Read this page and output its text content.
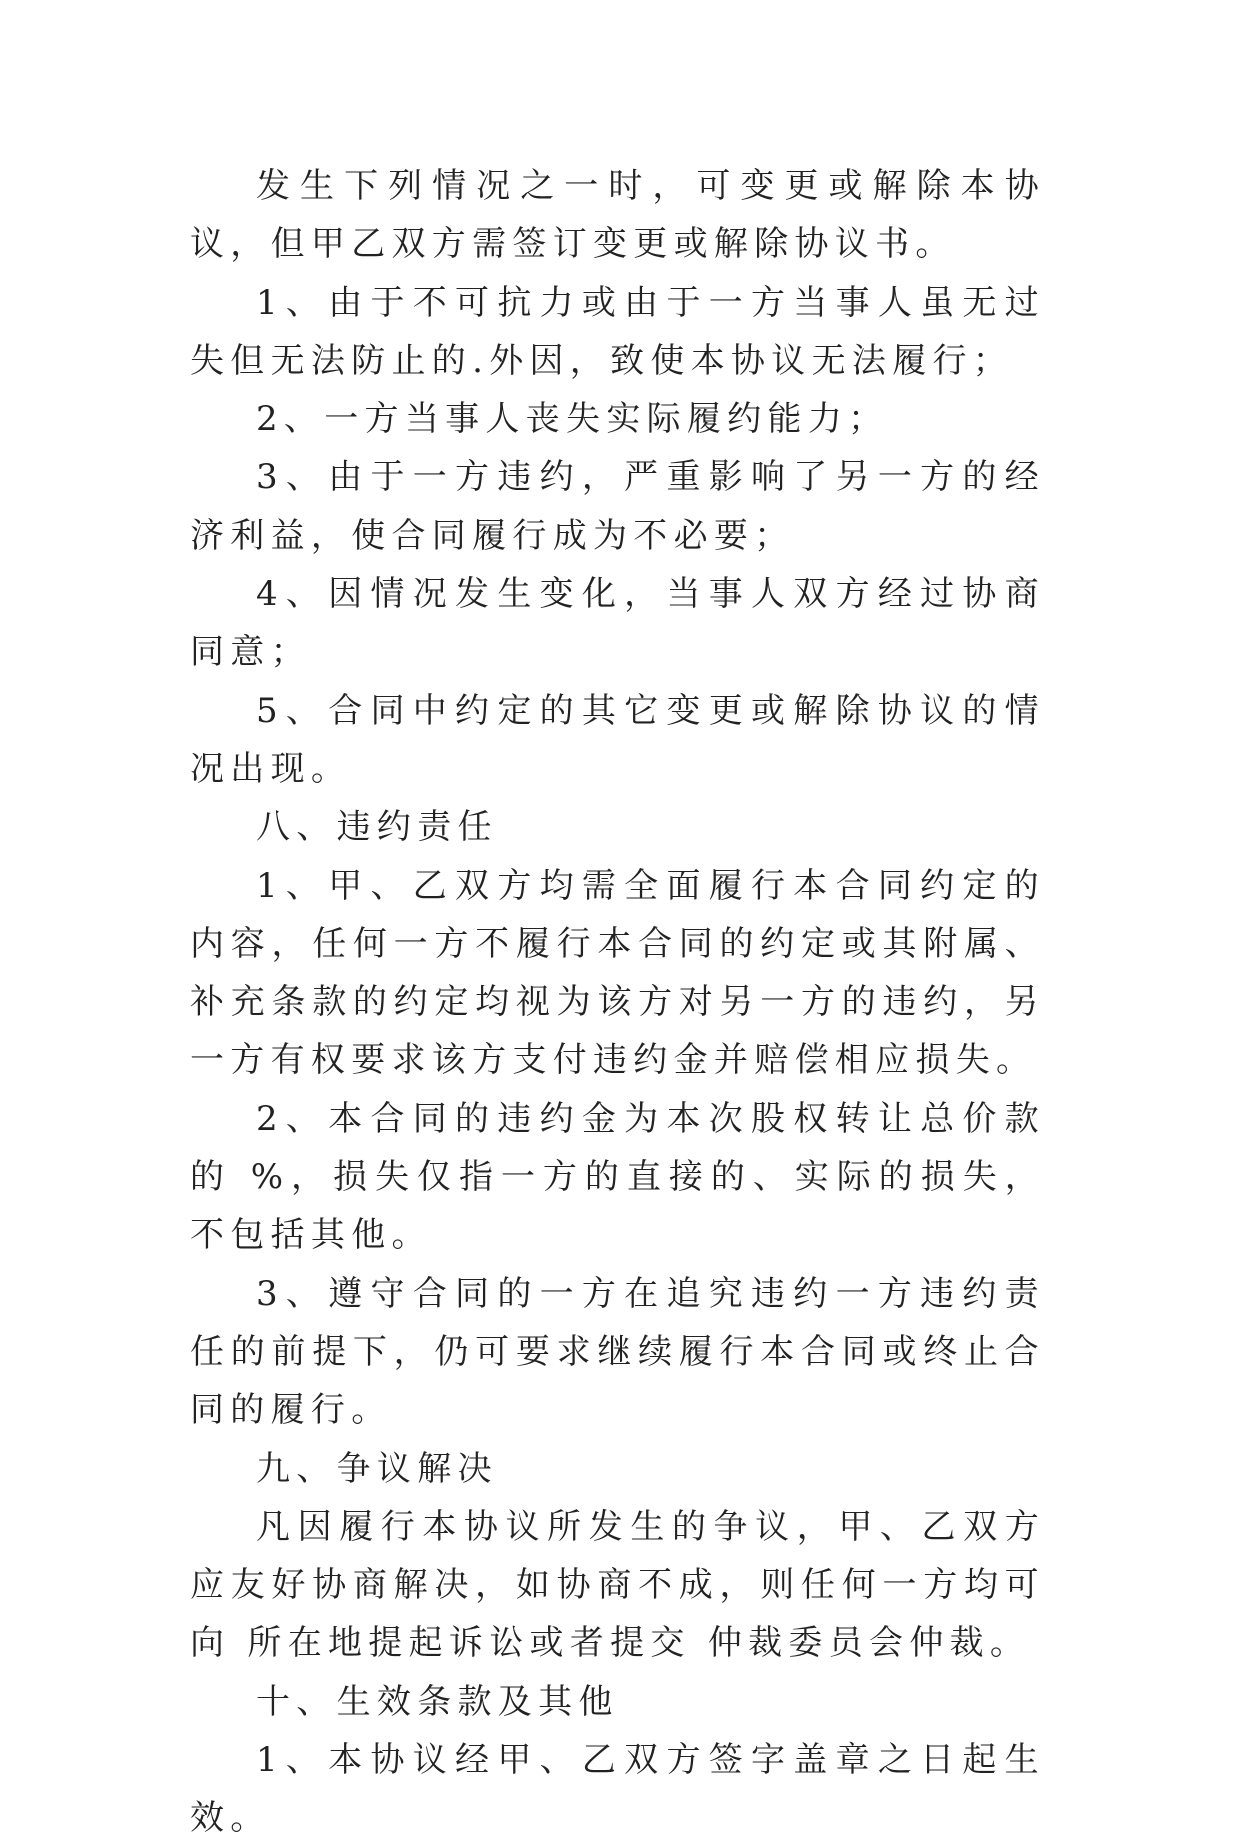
发生下列情况之一时，可变更或解除本协议，但甲乙双方需签订变更或解除协议书。

1、由于不可抗力或由于一方当事人虽无过失但无法防止的.外因，致使本协议无法履行；

2、一方当事人丧失实际履约能力；

3、由于一方违约，严重影响了另一方的经济利益，使合同履行成为不必要；

4、因情况发生变化，当事人双方经过协商同意；

5、合同中约定的其它变更或解除协议的情况出现。

八、违约责任

1、甲、乙双方均需全面履行本合同约定的内容，任何一方不履行本合同的约定或其附属、补充条款的约定均视为该方对另一方的违约，另一方有权要求该方支付违约金并赔偿相应损失。

2、本合同的违约金为本次股权转让总价款的 %，损失仅指一方的直接的、实际的损失，不包括其他。

3、遵守合同的一方在追究违约一方违约责任的前提下，仍可要求继续履行本合同或终止合同的履行。

九、争议解决

凡因履行本协议所发生的争议，甲、乙双方应友好协商解决，如协商不成，则任何一方均可向 所在地提起诉讼或者提交 仲裁委员会仲裁。

十、生效条款及其他

1、本协议经甲、乙双方签字盖章之日起生效。
